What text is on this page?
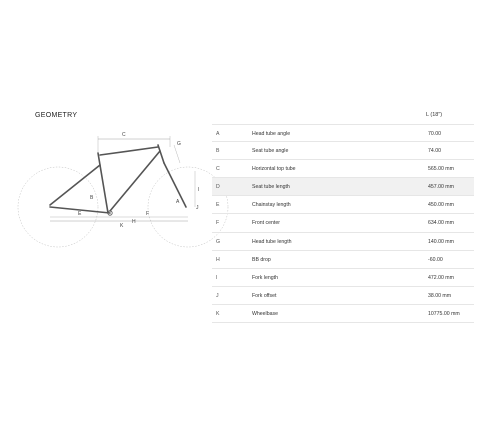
GEOMETRY
C
G
A
B
H
F
J
I
E
K
L (18")
A	Head tube angle	70.00
B	Seat tube angle	74.00
C	Horizontal top tube	565.00 mm
D	Seat tube length	457.00 mm
E	Chainstay length	450.00 mm
F	Front center	634.00 mm
G	Head tube length	140.00 mm
H	BB drop	-60.00
I	Fork length	472.00 mm
J	Fork offset	38.00 mm
K	Wheelbase	10775.00 mm
